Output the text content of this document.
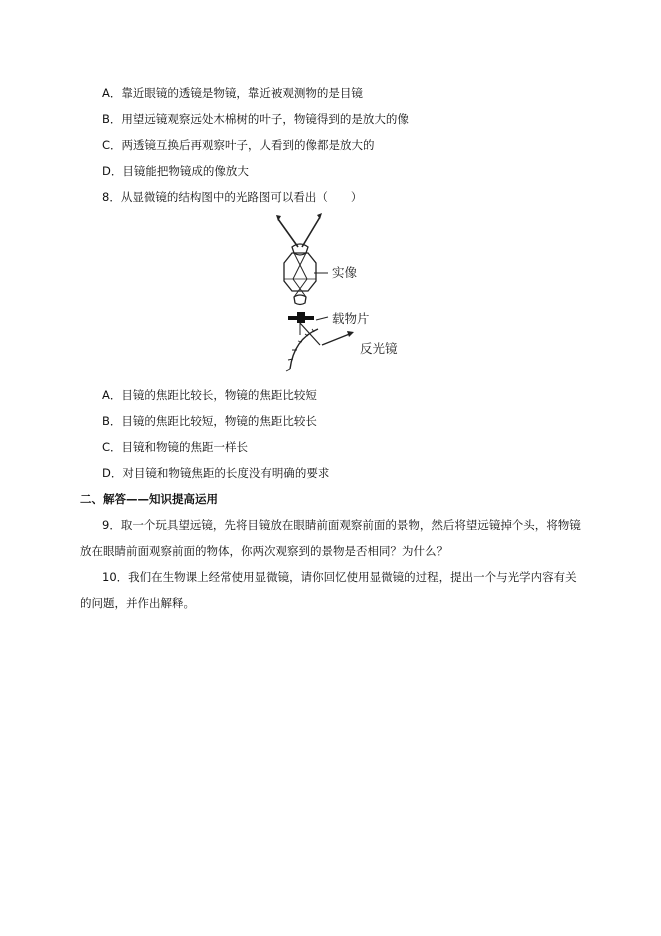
A．靠近眼镜的透镜是物镜，靠近被观测物的是目镜
B．用望远镜观察远处木棉树的叶子，物镜得到的是放大的像
C．两透镜互换后再观察叶子，人看到的像都是放大的
D．目镜能把物镜成的像放大
8．从显微镜的结构图中的光路图可以看出（　　）
实像
载物片
反光镜
A．目镜的焦距比较长，物镜的焦距比较短
B．目镜的焦距比较短，物镜的焦距比较长
C．目镜和物镜的焦距一样长
D．对目镜和物镜焦距的长度没有明确的要求
二、解答——知识提高运用
9．取一个玩具望远镜，先将目镜放在眼睛前面观察前面的景物，然后将望远镜掉个头，将物镜
放在眼睛前面观察前面的物体，你两次观察到的景物是否相同？为什么？
10．我们在生物课上经常使用显微镜，请你回忆使用显微镜的过程，提出一个与光学内容有关
的问题，并作出解释。
